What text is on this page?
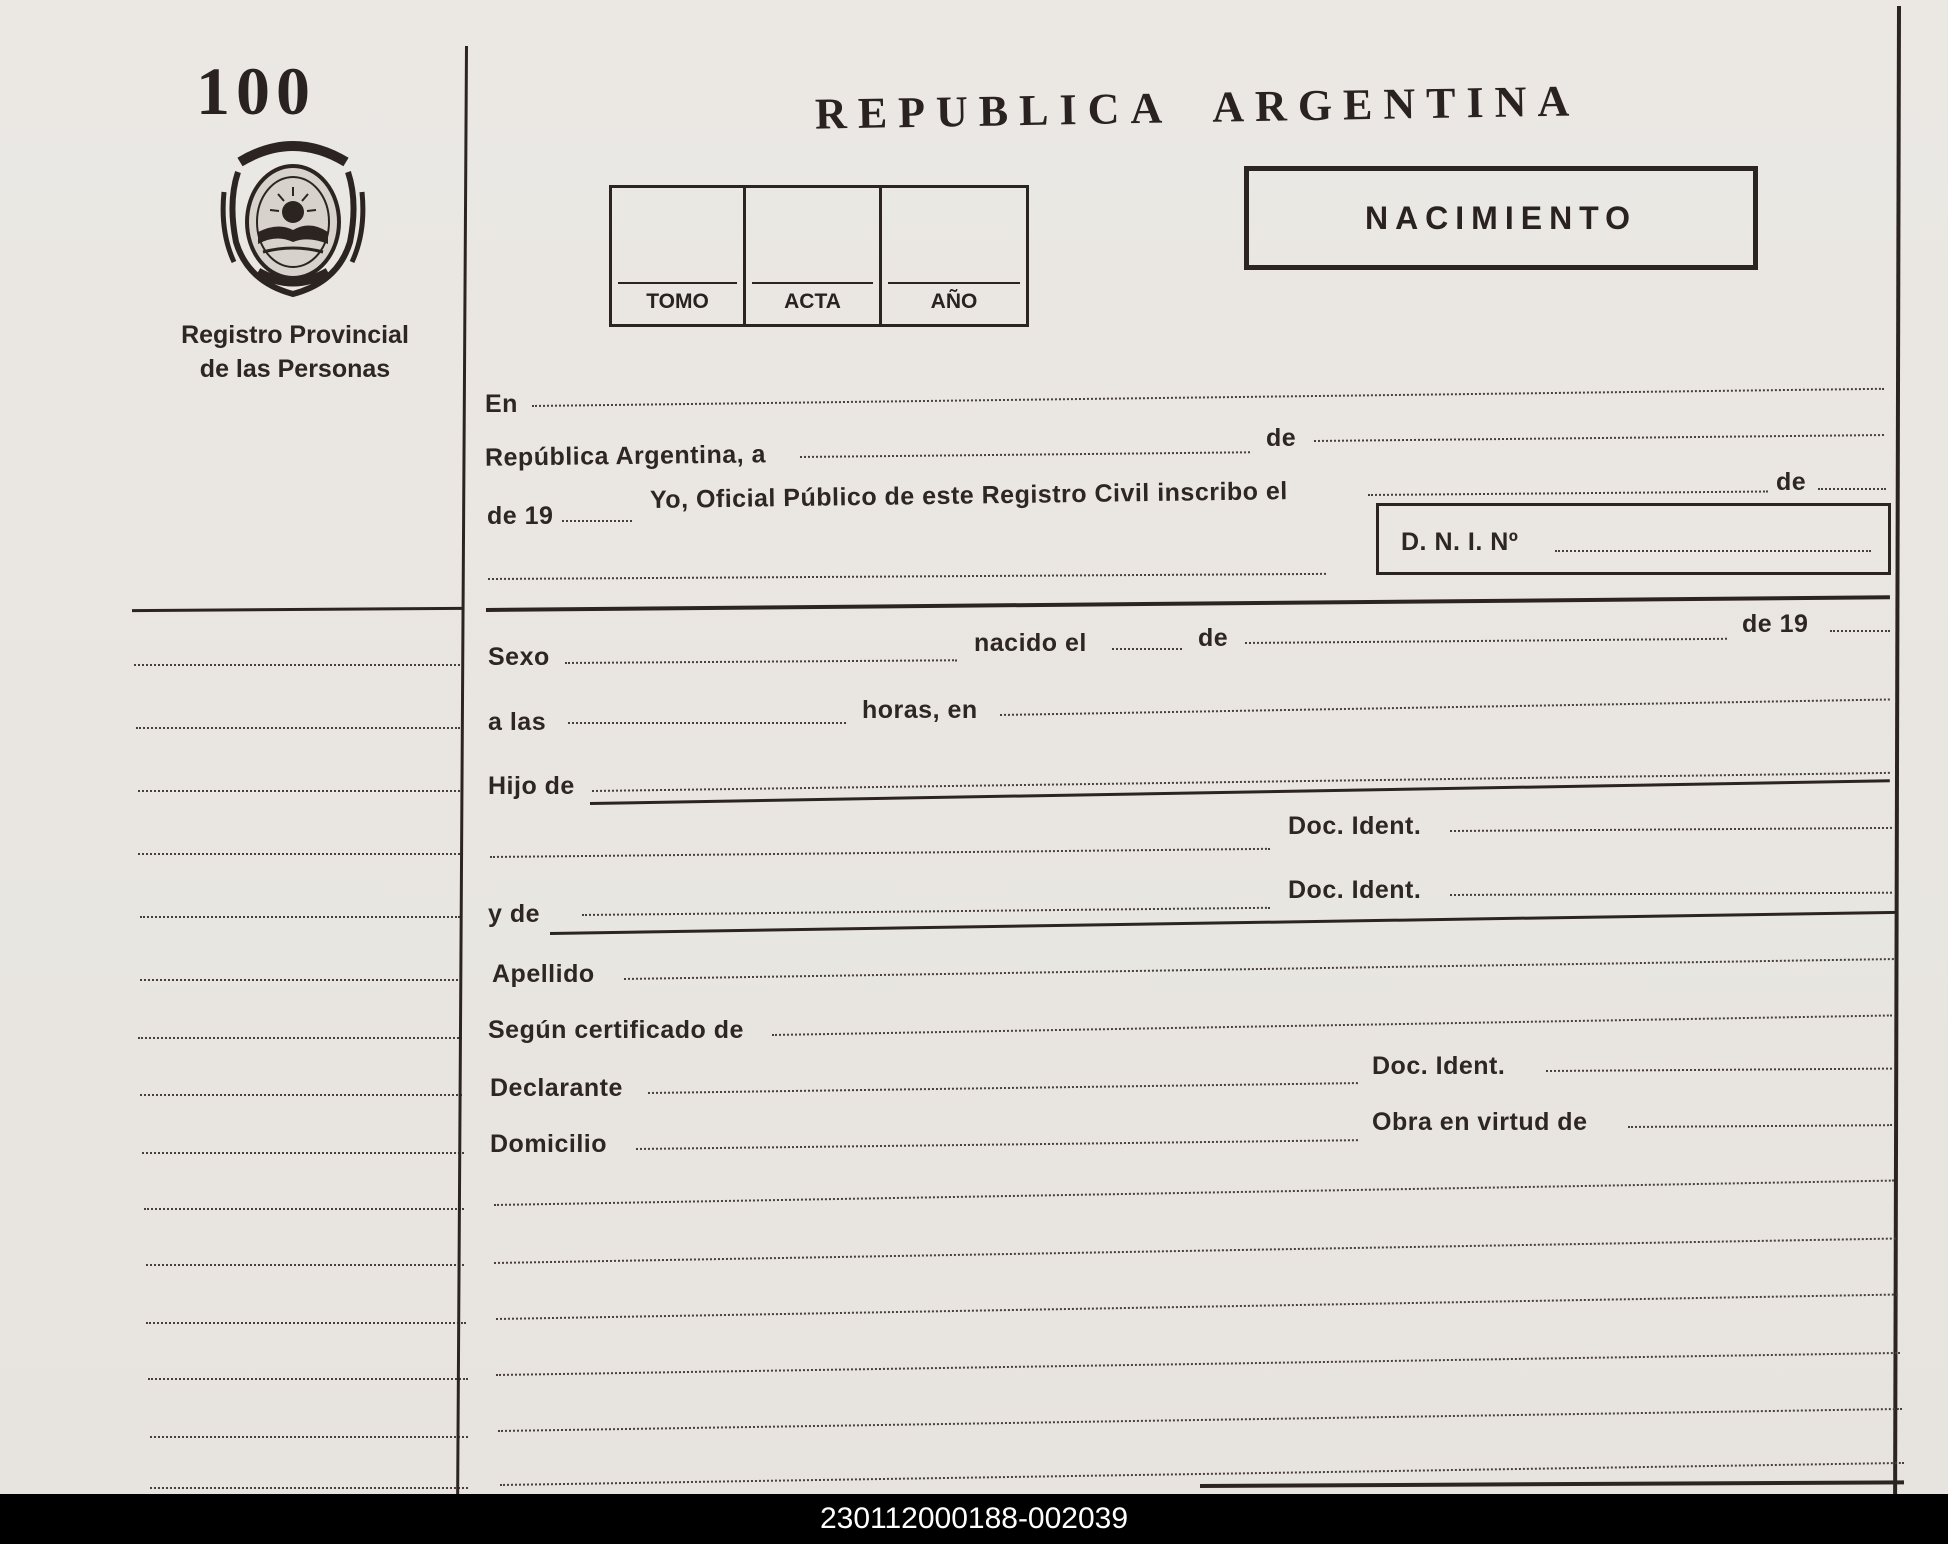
100
Registro Provincial
de las Personas
REPUBLICA ARGENTINA
TOMO	ACTA	AÑO
NACIMIENTO
En
República Argentina, a
de
de 19
Yo, Oficial Público de este Registro Civil inscribo el	de
D. N. I. Nº
Sexo	nacido el	de	de 19
a las	horas, en
Hijo de
Doc. Ident.
y de
Doc. Ident.
Apellido
Según certificado de
Declarante
Doc. Ident.
Domicilio
Obra en virtud de
230112000188-002039
